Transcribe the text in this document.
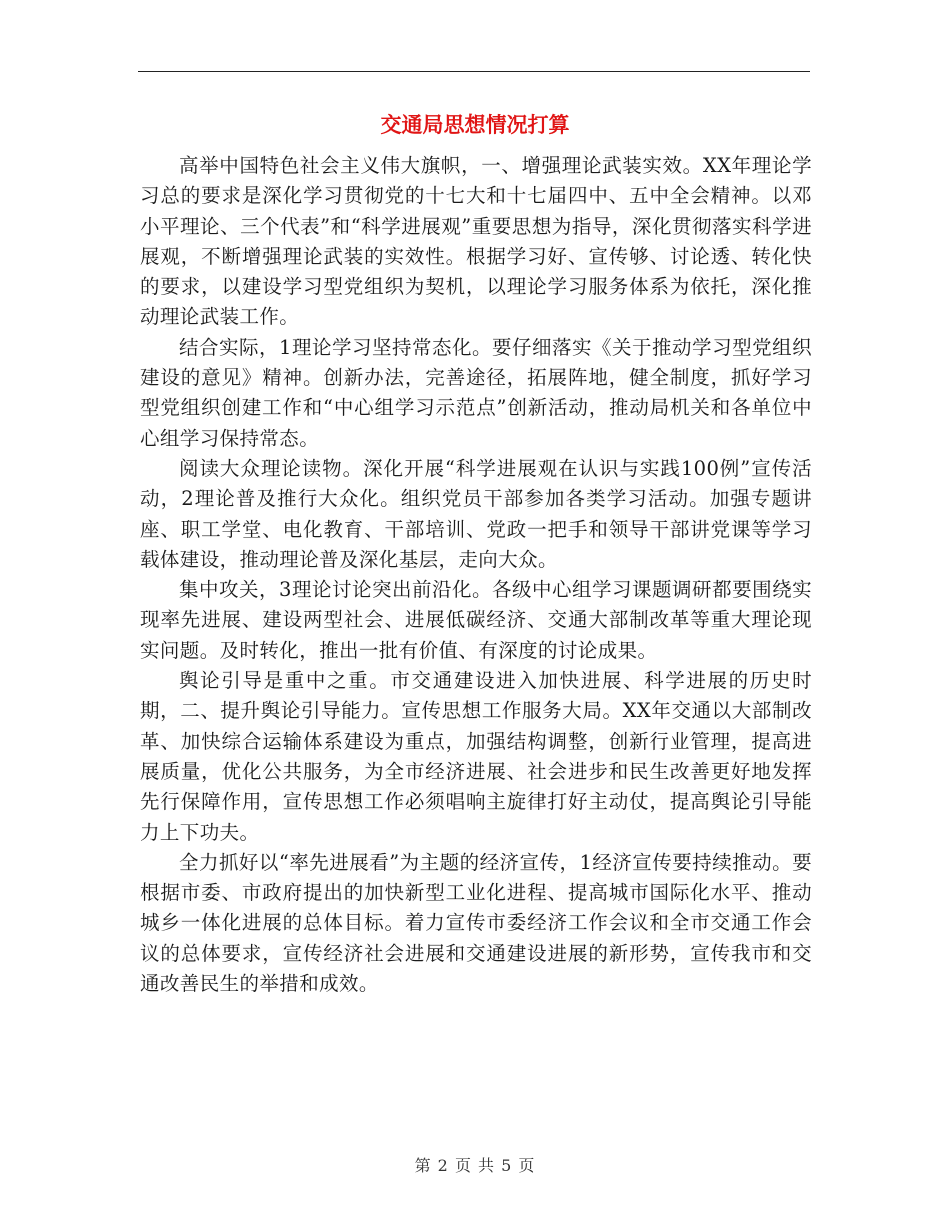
交通局思想情况打算

高举中国特色社会主义伟大旗帜，一、增强理论武装实效。XX年理论学习总的要求是深化学习贯彻党的十七大和十七届四中、五中全会精神。以邓小平理论、三个代表”和“科学进展观”重要思想为指导，深化贯彻落实科学进展观，不断增强理论武装的实效性。根据学习好、宣传够、讨论透、转化快的要求，以建设学习型党组织为契机，以理论学习服务体系为依托，深化推动理论武装工作。

结合实际，1理论学习坚持常态化。要仔细落实《关于推动学习型党组织建设的意见》精神。创新办法，完善途径，拓展阵地，健全制度，抓好学习型党组织创建工作和“中心组学习示范点”创新活动，推动局机关和各单位中心组学习保持常态。

阅读大众理论读物。深化开展“科学进展观在认识与实践100例”宣传活动，2理论普及推行大众化。组织党员干部参加各类学习活动。加强专题讲座、职工学堂、电化教育、干部培训、党政一把手和领导干部讲党课等学习载体建设，推动理论普及深化基层，走向大众。

集中攻关，3理论讨论突出前沿化。各级中心组学习课题调研都要围绕实现率先进展、建设两型社会、进展低碳经济、交通大部制改革等重大理论现实问题。及时转化，推出一批有价值、有深度的讨论成果。

舆论引导是重中之重。市交通建设进入加快进展、科学进展的历史时期，二、提升舆论引导能力。宣传思想工作服务大局。XX年交通以大部制改革、加快综合运输体系建设为重点，加强结构调整，创新行业管理，提高进展质量，优化公共服务，为全市经济进展、社会进步和民生改善更好地发挥先行保障作用，宣传思想工作必须唱响主旋律打好主动仗，提高舆论引导能力上下功夫。

全力抓好以“率先进展看”为主题的经济宣传，1经济宣传要持续推动。要根据市委、市政府提出的加快新型工业化进程、提高城市国际化水平、推动城乡一体化进展的总体目标。着力宣传市委经济工作会议和全市交通工作会议的总体要求，宣传经济社会进展和交通建设进展的新形势，宣传我市和交通改善民生的举措和成效。

第 2 页 共 5 页
